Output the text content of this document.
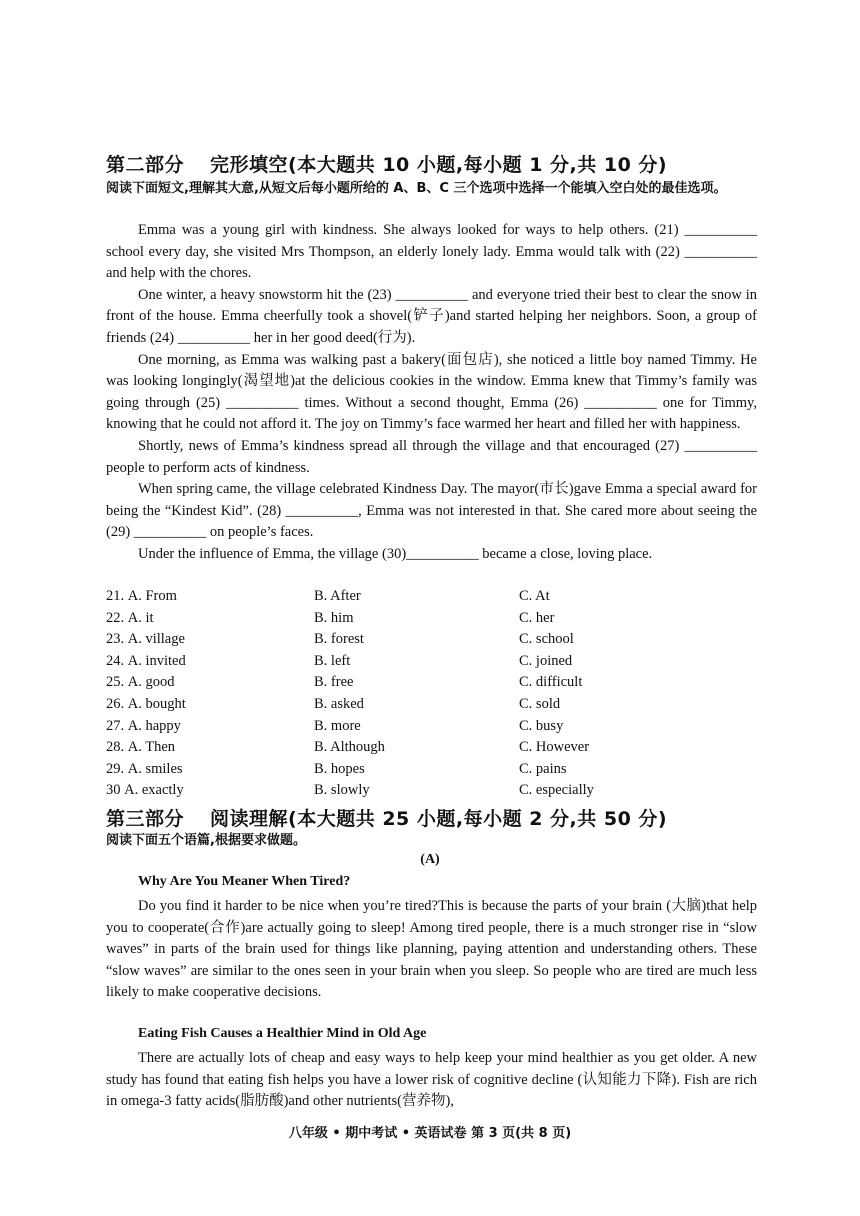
第二部分 完形填空(本大题共 10 小题,每小题 1 分,共 10 分)
阅读下面短文,理解其大意,从短文后每小题所给的 A、B、C 三个选项中选择一个能填入空白处的最佳选项。

Emma was a young girl with kindness. She always looked for ways to help others. (21) __________ school every day, she visited Mrs Thompson, an elderly lonely lady. Emma would talk with (22) __________ and help with the chores.

One winter, a heavy snowstorm hit the (23) __________ and everyone tried their best to clear the snow in front of the house. Emma cheerfully took a shovel(铲子)and started helping her neighbors. Soon, a group of friends (24) __________ her in her good deed(行为).

One morning, as Emma was walking past a bakery(面包店), she noticed a little boy named Timmy. He was looking longingly(渴望地)at the delicious cookies in the window. Emma knew that Timmy’s family was going through (25) __________ times. Without a second thought, Emma (26) __________ one for Timmy, knowing that he could not afford it. The joy on Timmy’s face warmed her heart and filled her with happiness.

Shortly, news of Emma’s kindness spread all through the village and that encouraged (27) __________ people to perform acts of kindness.

When spring came, the village celebrated Kindness Day. The mayor(市长)gave Emma a special award for being the “Kindest Kid”. (28) __________, Emma was not interested in that. She cared more about seeing the (29) __________ on people’s faces.

Under the influence of Emma, the village (30)__________ became a close, loving place.

21. A. From	B. After	C. At
22. A. it	B. him	C. her
23. A. village	B. forest	C. school
24. A. invited	B. left	C. joined
25. A. good	B. free	C. difficult
26. A. bought	B. asked	C. sold
27. A. happy	B. more	C. busy
28. A. Then	B. Although	C. However
29. A. smiles	B. hopes	C. pains
30 A. exactly	B. slowly	C. especially
第三部分 阅读理解(本大题共 25 小题,每小题 2 分,共 50 分)
阅读下面五个语篇,根据要求做题。
(A)
Why Are You Meaner When Tired?

Do you find it harder to be nice when you’re tired?This is because the parts of your brain (大脑)that help you to cooperate(合作)are actually going to sleep! Among tired people, there is a much stronger rise in “slow waves” in parts of the brain used for things like planning, paying attention and understanding others. These “slow waves” are similar to the ones seen in your brain when you sleep. So people who are tired are much less likely to make cooperative decisions.

Eating Fish Causes a Healthier Mind in Old Age

There are actually lots of cheap and easy ways to help keep your mind healthier as you get older. A new study has found that eating fish helps you have a lower risk of cognitive decline (认知能力下降). Fish are rich in omega-3 fatty acids(脂肪酸)and other nutrients(营养物),

八年级 • 期中考试 • 英语试卷 第 3 页(共 8 页)
